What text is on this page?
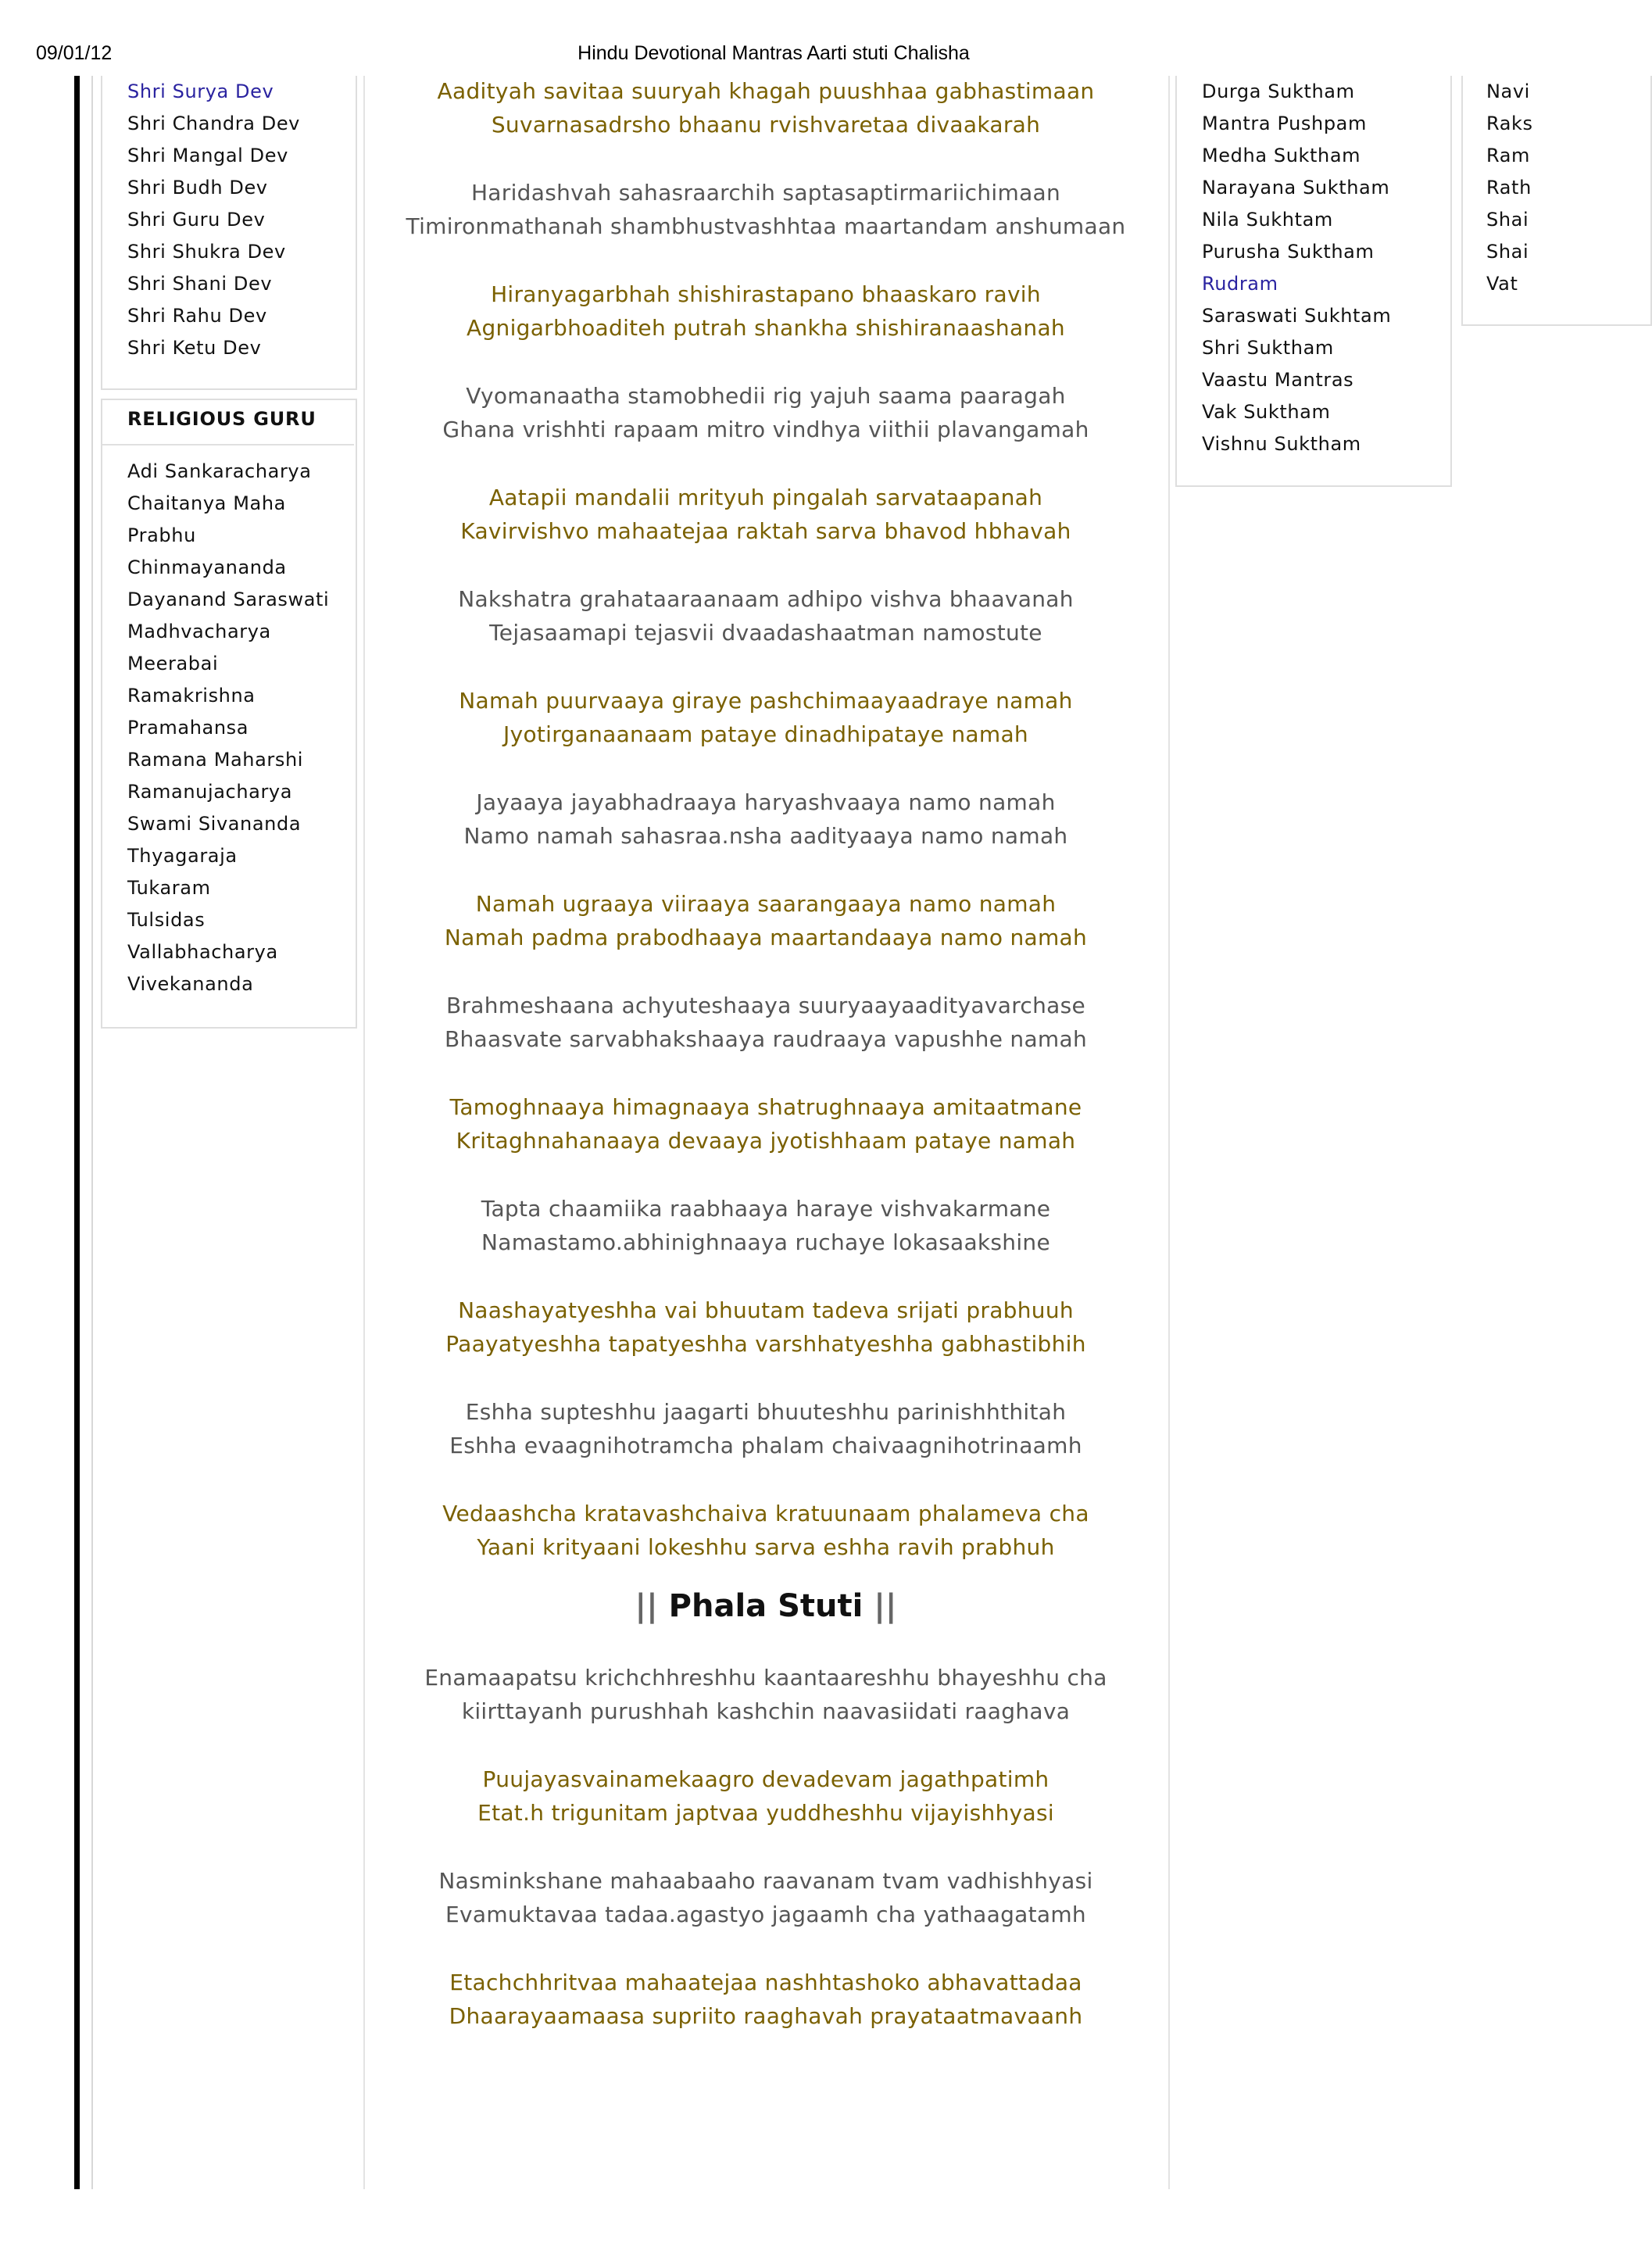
09/01/12	Hindu Devotional Mantras Aarti stuti Chalisha
Shri Surya Dev
Shri Chandra Dev
Shri Mangal Dev
Shri Budh Dev
Shri Guru Dev
Shri Shukra Dev
Shri Shani Dev
Shri Rahu Dev
Shri Ketu Dev
RELIGIOUS GURU
Adi Sankaracharya
Chaitanya Maha
Prabhu
Chinmayananda
Dayanand Saraswati
Madhvacharya
Meerabai
Ramakrishna
Pramahansa
Ramana Maharshi
Ramanujacharya
Swami Sivananda
Thyagaraja
Tukaram
Tulsidas
Vallabhacharya
Vivekananda
Durga Suktham
Mantra Pushpam
Medha Suktham
Narayana Suktham
Nila Sukhtam
Purusha Suktham
Rudram
Saraswati Sukhtam
Shri Suktham
Vaastu Mantras
Vak Suktham
Vishnu Suktham
Navi
Raks
Ram
Rath
Shai
Shai
Vat
Aadityah savitaa suuryah khagah puushhaa gabhastimaan
Suvarnasadrsho bhaanu rvishvaretaa divaakarah
Haridashvah sahasraarchih saptasaptirmariichimaan
Timironmathanah shambhustvashhtaa maartandam anshumaan
Hiranyagarbhah shishirastapano bhaaskaro ravih
Agnigarbhoaditeh putrah shankha shishiranaashanah
Vyomanaatha stamobhedii rig yajuh saama paaragah
Ghana vrishhti rapaam mitro vindhya viithii plavangamah
Aatapii mandalii mrityuh pingalah sarvataapanah
Kavirvishvo mahaatejaa raktah sarva bhavod hbhavah
Nakshatra grahataaraanaam adhipo vishva bhaavanah
Tejasaamapi tejasvii dvaadashaatman namostute
Namah puurvaaya giraye pashchimaayaadraye namah
Jyotirganaanaam pataye dinadhipataye namah
Jayaaya jayabhadraaya haryashvaaya namo namah
Namo namah sahasraa.nsha aadityaaya namo namah
Namah ugraaya viiraaya saarangaaya namo namah
Namah padma prabodhaaya maartandaaya namo namah
Brahmeshaana achyuteshaaya suuryaayaadityavarchase
Bhaasvate sarvabhakshaaya raudraaya vapushhe namah
Tamoghnaaya himagnaaya shatrughnaaya amitaatmane
Kritaghnahanaaya devaaya jyotishhaam pataye namah
Tapta chaamiika raabhaaya haraye vishvakarmane
Namastamo.abhinighnaaya ruchaye lokasaakshine
Naashayatyeshha vai bhuutam tadeva srijati prabhuuh
Paayatyeshha tapatyeshha varshhatyeshha gabhastibhih
Eshha supteshhu jaagarti bhuuteshhu parinishhthitah
Eshha evaagnihotramcha phalam chaivaagnihotrinaamh
Vedaashcha kratavashchaiva kratuunaam phalameva cha
Yaani krityaani lokeshhu sarva eshha ravih prabhuh
|| Phala Stuti ||
Enamaapatsu krichchhreshhu kaantaareshhu bhayeshhu cha
kiirttayanh purushhah kashchin naavasiidati raaghava
Puujayasvainamekaagro devadevam jagathpatimh
Etat.h trigunitam japtvaa yuddheshhu vijayishhyasi
Nasminkshane mahaabaaho raavanam tvam vadhishhyasi
Evamuktavaa tadaa.agastyo jagaamh cha yathaagatamh
Etachchhritvaa mahaatejaa nashhtashoko abhavattadaa
Dhaarayaamaasa supriito raaghavah prayataatmavaanh
